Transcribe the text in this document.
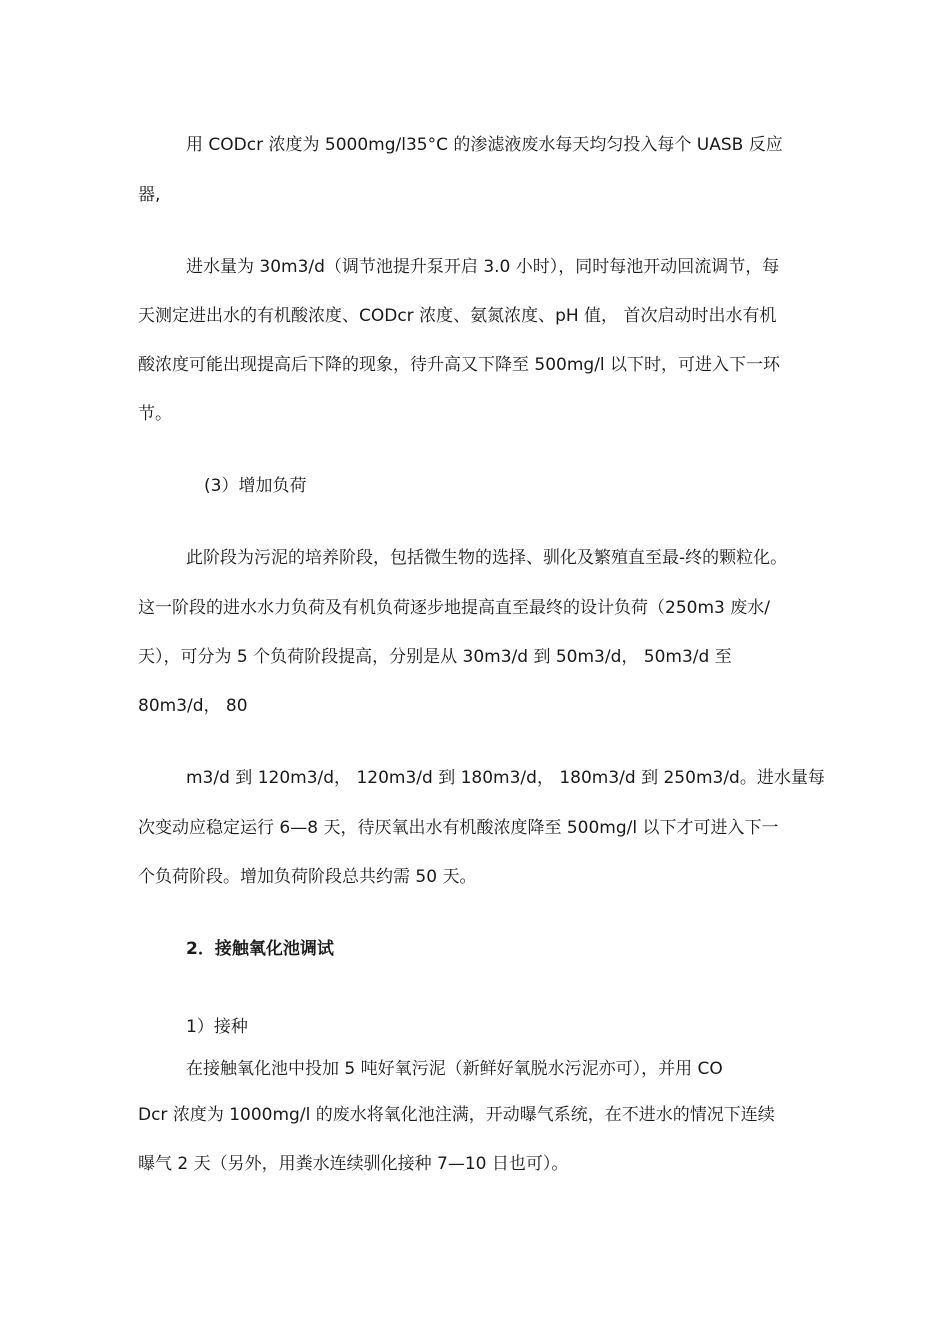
用 CODcr 浓度为 5000mg/l35°C 的渗滤液废水每天均匀投入每个 UASB 反应
器,
进水量为 30m3/d（调节池提升泵开启 3.0 小时），同时每池开动回流调节，每
天测定进出水的有机酸浓度、CODcr 浓度、氨氮浓度、pH 值， 首次启动时出水有机
酸浓度可能出现提高后下降的现象，待升高又下降至 500mg/l 以下时，可进入下一环
节。
(3）增加负荷
此阶段为污泥的培养阶段，包括微生物的选择、驯化及繁殖直至最-终的颗粒化。
这一阶段的进水水力负荷及有机负荷逐步地提高直至最终的设计负荷（250m3 废水/
天），可分为 5 个负荷阶段提高，分别是从 30m3/d 到 50m3/d， 50m3/d 至
80m3/d， 80
m3/d 到 120m3/d， 120m3/d 到 180m3/d， 180m3/d 到 250m3/d。进水量每
次变动应稳定运行 6—8 天，待厌氧出水有机酸浓度降至 500mg/l 以下才可进入下一
个负荷阶段。增加负荷阶段总共约需 50 天。
2．接触氧化池调试
1）接种
在接触氧化池中投加 5 吨好氧污泥（新鲜好氧脱水污泥亦可），并用 CO
Dcr 浓度为 1000mg/l 的废水将氧化池注满，开动曝气系统，在不进水的情况下连续
曝气 2 天（另外，用粪水连续驯化接种 7—10 日也可）。
